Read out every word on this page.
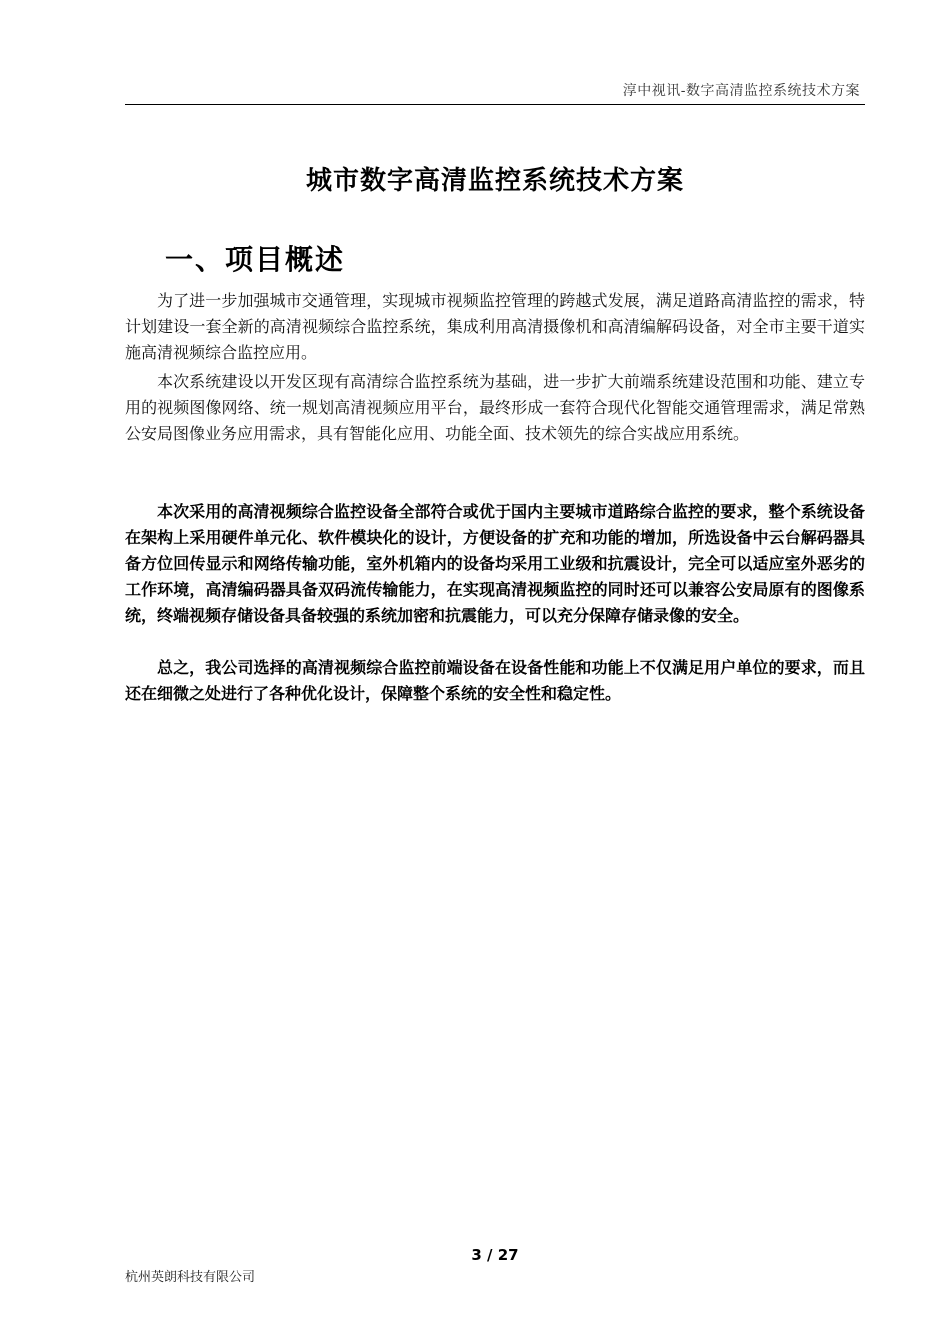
淳中视讯-数字高清监控系统技术方案
城市数字高清监控系统技术方案
一、项目概述

为了进一步加强城市交通管理，实现城市视频监控管理的跨越式发展，满足道路高清监控的需求，特计划建设一套全新的高清视频综合监控系统，集成利用高清摄像机和高清编解码设备，对全市主要干道实施高清视频综合监控应用。

本次系统建设以开发区现有高清综合监控系统为基础，进一步扩大前端系统建设范围和功能、建立专用的视频图像网络、统一规划高清视频应用平台，最终形成一套符合现代化智能交通管理需求，满足常熟公安局图像业务应用需求，具有智能化应用、功能全面、技术领先的综合实战应用系统。

本次采用的高清视频综合监控设备全部符合或优于国内主要城市道路综合监控的要求，整个系统设备在架构上采用硬件单元化、软件模块化的设计，方便设备的扩充和功能的增加，所选设备中云台解码器具备方位回传显示和网络传输功能，室外机箱内的设备均采用工业级和抗震设计，完全可以适应室外恶劣的工作环境，高清编码器具备双码流传输能力，在实现高清视频监控的同时还可以兼容公安局原有的图像系统，终端视频存储设备具备较强的系统加密和抗震能力，可以充分保障存储录像的安全。

总之，我公司选择的高清视频综合监控前端设备在设备性能和功能上不仅满足用户单位的要求，而且还在细微之处进行了各种优化设计，保障整个系统的安全性和稳定性。

3 / 27
杭州英朗科技有限公司
